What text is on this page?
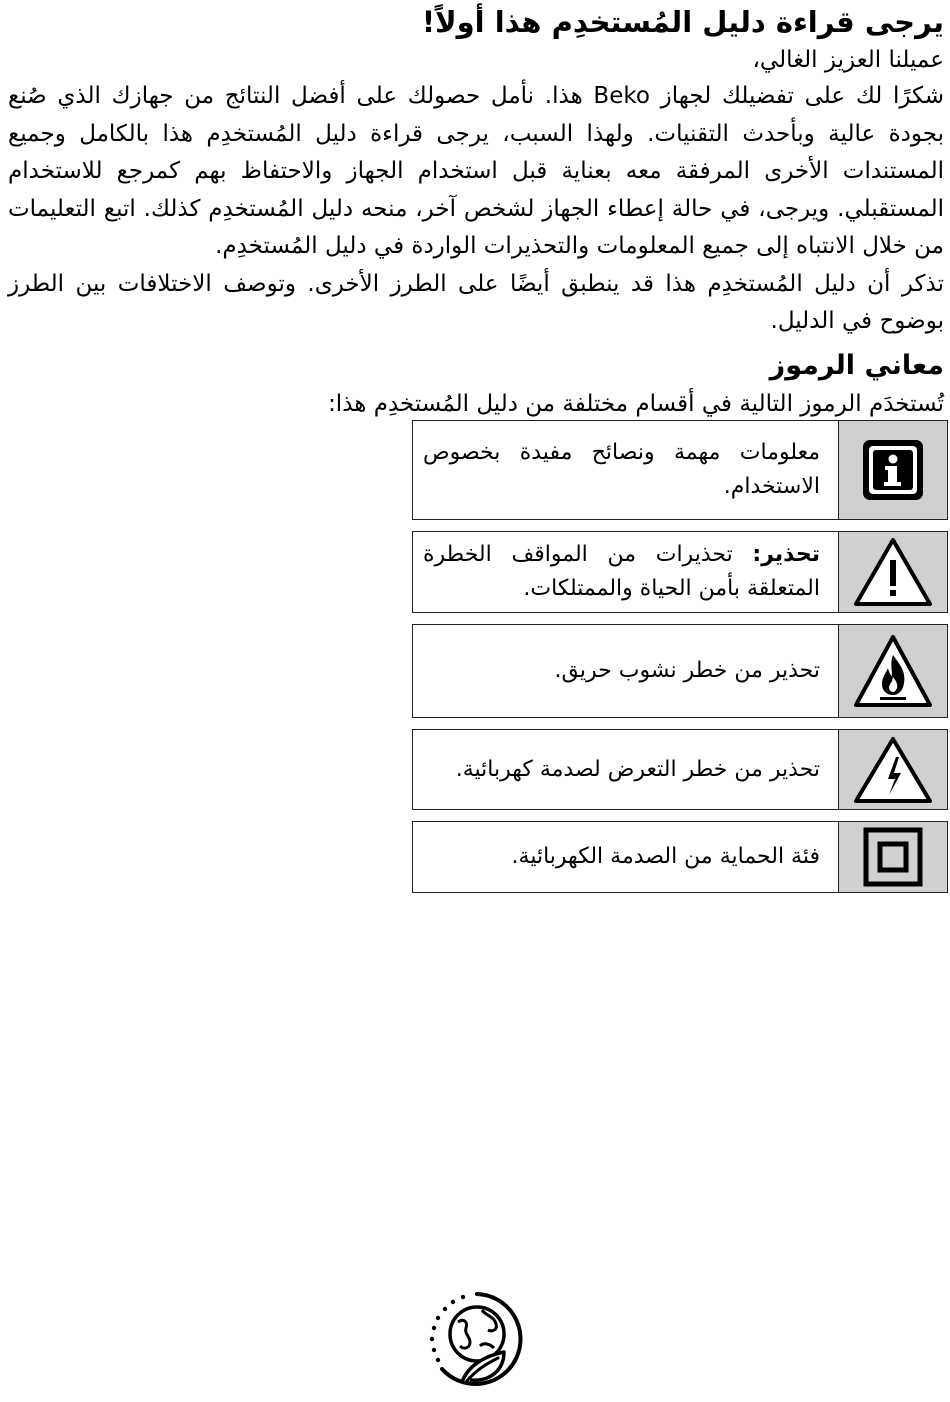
يرجى قراءة دليل المُستخدِم هذا أولاً!

عميلنا العزيز الغالي،

شكرًا لك على تفضيلك لجهاز Beko هذا. نأمل حصولك على أفضل النتائج من جهازك الذي صُنع بجودة عالية وبأحدث التقنيات. ولهذا السبب، يرجى قراءة دليل المُستخدِم هذا بالكامل وجميع المستندات الأخرى المرفقة معه بعناية قبل استخدام الجهاز والاحتفاظ بهم كمرجع للاستخدام المستقبلي. ويرجى، في حالة إعطاء الجهاز لشخص آخر، منحه دليل المُستخدِم كذلك. اتبع التعليمات من خلال الانتباه إلى جميع المعلومات والتحذيرات الواردة في دليل المُستخدِم.

تذكر أن دليل المُستخدِم هذا قد ينطبق أيضًا على الطرز الأخرى. وتوصف الاختلافات بين الطرز بوضوح في الدليل.

معاني الرموز

تُستخدَم الرموز التالية في أقسام مختلفة من دليل المُستخدِم هذا:

معلومات مهمة ونصائح مفيدة بخصوص الاستخدام.
تحذير: تحذيرات من المواقف الخطرة المتعلقة بأمن الحياة والممتلكات.
تحذير من خطر نشوب حريق.
تحذير من خطر التعرض لصدمة كهربائية.
فئة الحماية من الصدمة الكهربائية.
